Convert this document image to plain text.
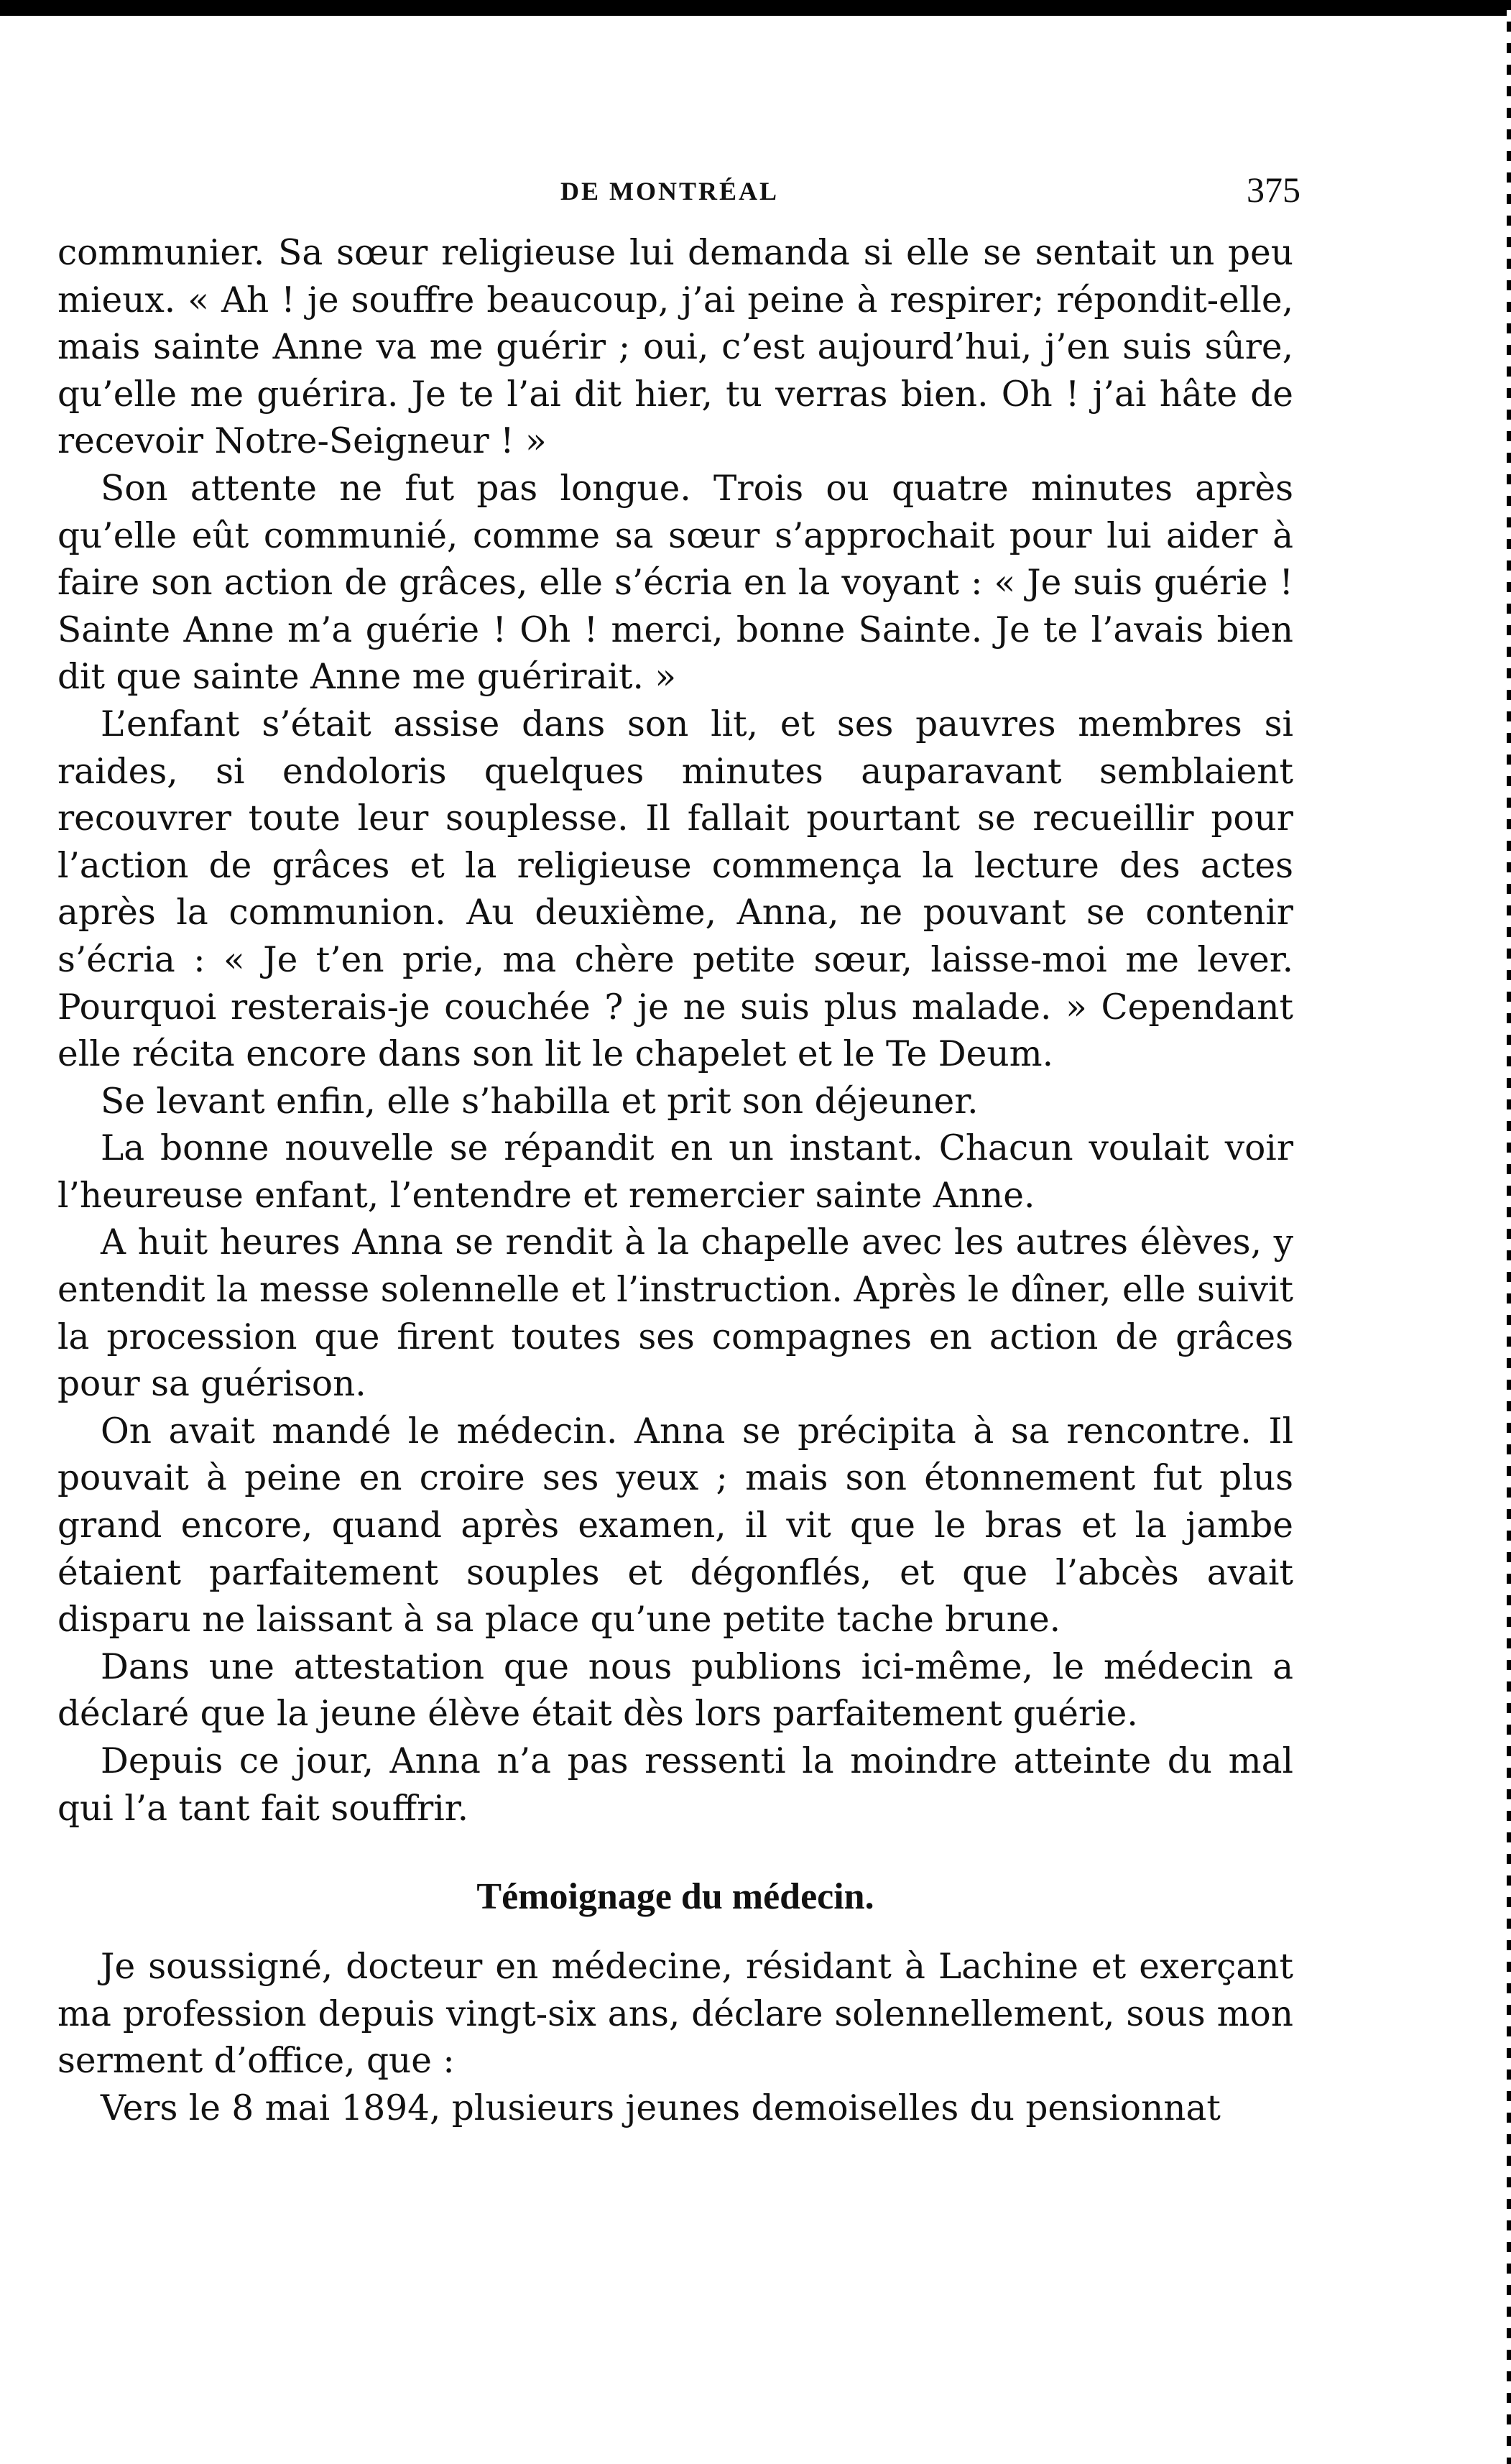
DE MONTRÉAL	375

communier. Sa sœur religieuse lui demanda si elle se sentait un peu mieux. « Ah ! je souffre beaucoup, j’ai peine à respirer; répondit-elle, mais sainte Anne va me guérir ; oui, c’est aujourd’hui, j’en suis sûre, qu’elle me guérira. Je te l’ai dit hier, tu verras bien. Oh ! j’ai hâte de recevoir Notre-Seigneur ! »

Son attente ne fut pas longue. Trois ou quatre minutes après qu’elle eût communié, comme sa sœur s’approchait pour lui aider à faire son action de grâces, elle s’écria en la voyant : « Je suis guérie ! Sainte Anne m’a guérie ! Oh ! merci, bonne Sainte. Je te l’avais bien dit que sainte Anne me guérirait. »

L’enfant s’était assise dans son lit, et ses pauvres membres si raides, si endoloris quelques minutes auparavant semblaient recouvrer toute leur souplesse. Il fallait pourtant se recueillir pour l’action de grâces et la religieuse commença la lecture des actes après la communion. Au deuxième, Anna, ne pouvant se contenir s’écria : « Je t’en prie, ma chère petite sœur, laisse-moi me lever. Pourquoi resterais-je couchée ? je ne suis plus malade. » Cependant elle récita encore dans son lit le chapelet et le Te Deum.

Se levant enfin, elle s’habilla et prit son déjeuner.

La bonne nouvelle se répandit en un instant. Chacun voulait voir l’heureuse enfant, l’entendre et remercier sainte Anne.

A huit heures Anna se rendit à la chapelle avec les autres élèves, y entendit la messe solennelle et l’instruction. Après le dîner, elle suivit la procession que firent toutes ses compagnes en action de grâces pour sa guérison.

On avait mandé le médecin. Anna se précipita à sa rencontre. Il pouvait à peine en croire ses yeux ; mais son étonnement fut plus grand encore, quand après examen, il vit que le bras et la jambe étaient parfaitement souples et dégonflés, et que l’abcès avait disparu ne laissant à sa place qu’une petite tache brune.

Dans une attestation que nous publions ici-même, le médecin a déclaré que la jeune élève était dès lors parfaitement guérie.

Depuis ce jour, Anna n’a pas ressenti la moindre atteinte du mal qui l’a tant fait souffrir.

Témoignage du médecin.

Je soussigné, docteur en médecine, résidant à Lachine et exerçant ma profession depuis vingt-six ans, déclare solennellement, sous mon serment d’office, que :

Vers le 8 mai 1894, plusieurs jeunes demoiselles du pensionnat
